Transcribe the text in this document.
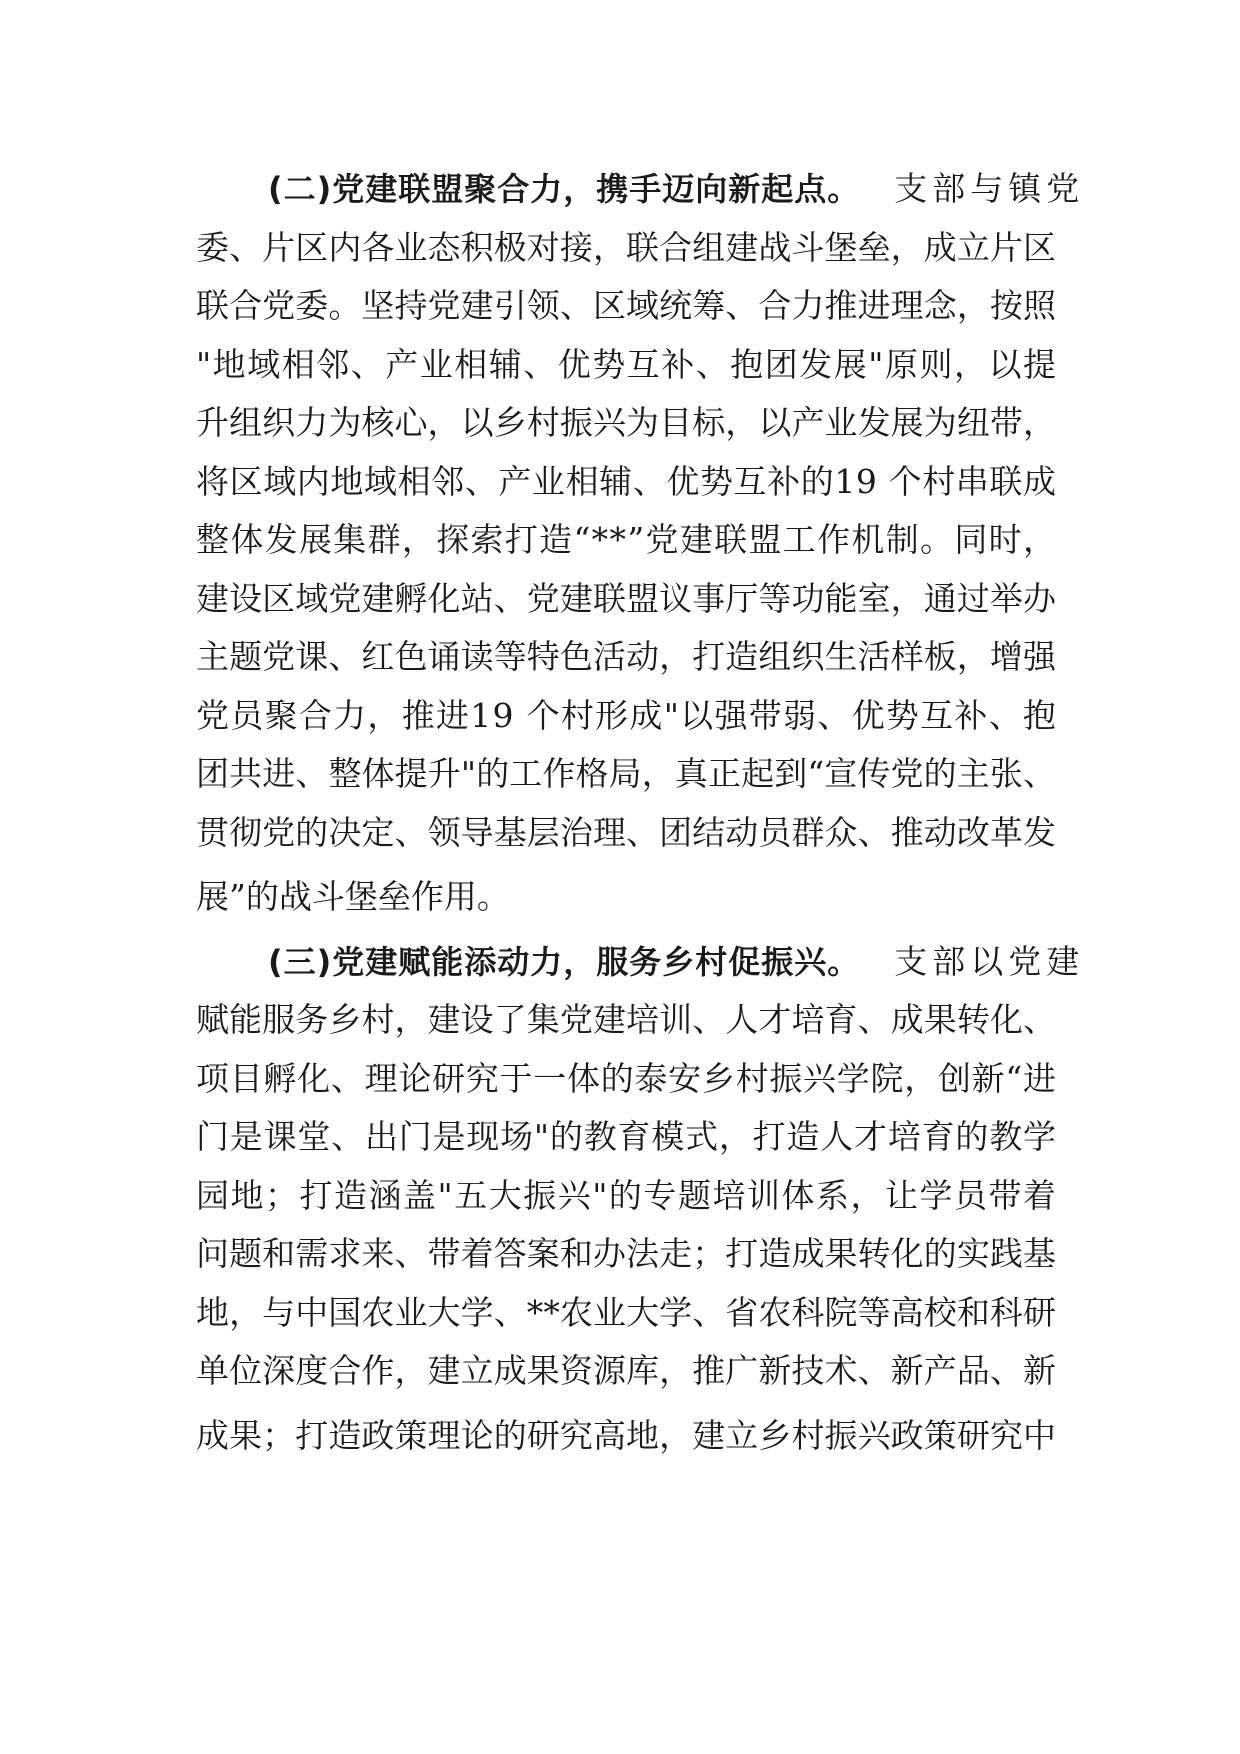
(二)党建联盟聚合力，携手迈向新起点。 支部与镇党
委、片区内各业态积极对接，联合组建战斗堡垒，成立片区
联合党委。坚持党建引领、区域统筹、合力推进理念，按照
"地域相邻、产业相辅、优势互补、抱团发展"原则，以提
升组织力为核心，以乡村振兴为目标，以产业发展为纽带，
将区域内地域相邻、产业相辅、优势互补的19 个村串联成
整体发展集群，探索打造“**”党建联盟工作机制。同时，
建设区域党建孵化站、党建联盟议事厅等功能室，通过举办
主题党课、红色诵读等特色活动，打造组织生活样板，增强
党员聚合力，推进19 个村形成"以强带弱、优势互补、抱
团共进、整体提升"的工作格局，真正起到“宣传党的主张、
贯彻党的决定、领导基层治理、团结动员群众、推动改革发
展”的战斗堡垒作用。
(三)党建赋能添动力，服务乡村促振兴。 支部以党建
赋能服务乡村，建设了集党建培训、人才培育、成果转化、
项目孵化、理论研究于一体的泰安乡村振兴学院，创新“进
门是课堂、出门是现场"的教育模式，打造人才培育的教学
园地；打造涵盖"五大振兴"的专题培训体系，让学员带着
问题和需求来、带着答案和办法走；打造成果转化的实践基
地，与中国农业大学、**农业大学、省农科院等高校和科研
单位深度合作，建立成果资源库，推广新技术、新产品、新
成果；打造政策理论的研究高地，建立乡村振兴政策研究中
